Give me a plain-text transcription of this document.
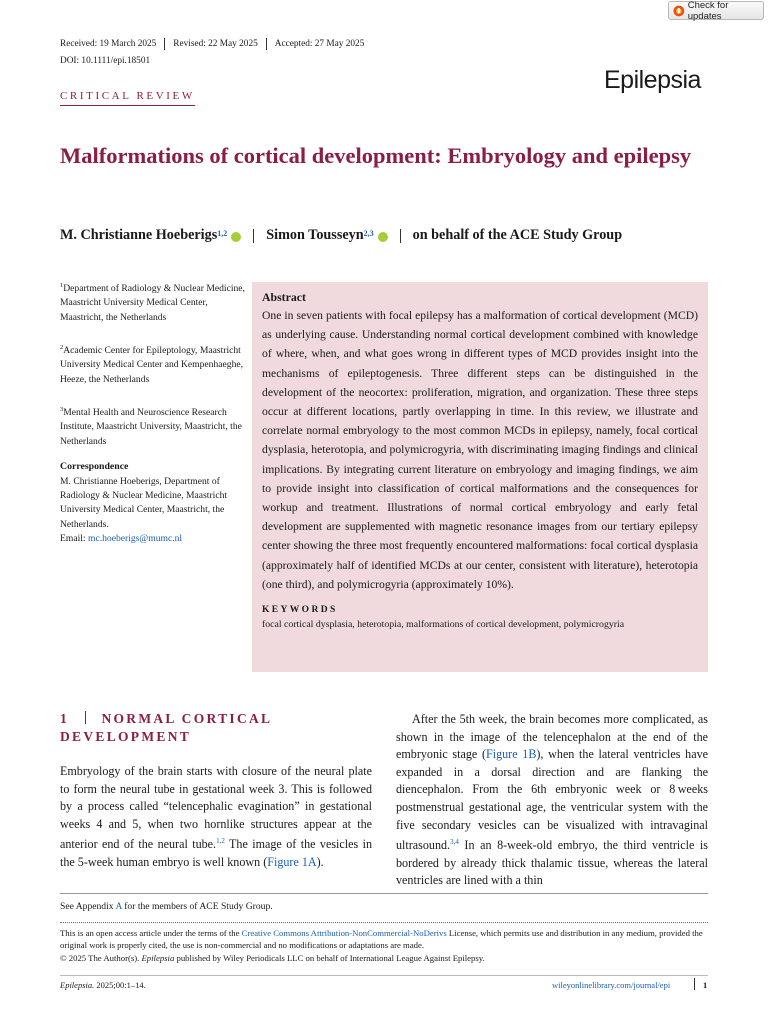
Check for updates
Received: 19 March 2025 Revised: 22 May 2025 Accepted: 27 May 2025
DOI: 10.1111/epi.18501
Epilepsia
CRITICAL REVIEW
Malformations of cortical development: Embryology and epilepsy
M. Christianne Hoeberigs$^{1,2}$	Simon Tousseyn$^{2,3}$	on behalf of the ACE Study Group
$^1$Department of Radiology & Nuclear Medicine, Maastricht University Medical Center, Maastricht, the Netherlands
$^2$Academic Center for Epileptology, Maastricht University Medical Center and Kempenhaeghe, Heeze, the Netherlands
$^3$Mental Health and Neuroscience Research Institute, Maastricht University, Maastricht, the Netherlands
Correspondence
M. Christianne Hoeberigs, Department of Radiology & Nuclear Medicine, Maastricht University Medical Center, Maastricht, the Netherlands.
Email: mc.hoeberigs@mumc.nl
Abstract
One in seven patients with focal epilepsy has a malformation of cortical development (MCD) as underlying cause. Understanding normal cortical development combined with knowledge of where, when, and what goes wrong in different types of MCD provides insight into the mechanisms of epileptogenesis. Three different steps can be distinguished in the development of the neocortex: proliferation, migration, and organization. These three steps occur at different locations, partly overlapping in time. In this review, we illustrate and correlate normal embryology to the most common MCDs in epilepsy, namely, focal cortical dysplasia, heterotopia, and polymicrogyria, with discriminating imaging findings and clinical implications. By integrating current literature on embryology and imaging findings, we aim to provide insight into classification of cortical malformations and the consequences for workup and treatment. Illustrations of normal cortical embryology and early fetal development are supplemented with magnetic resonance images from our tertiary epilepsy center showing the three most frequently encountered malformations: focal cortical dysplasia (approximately half of identified MCDs at our center, consistent with literature), heterotopia (one third), and polymicrogyria (approximately 10%).
KEYWORDS
focal cortical dysplasia, heterotopia, malformations of cortical development, polymicrogyria
1 NORMAL CORTICAL DEVELOPMENT
Embryology of the brain starts with closure of the neural plate to form the neural tube in gestational week 3. This is followed by a process called “telencephalic evagination” in gestational weeks 4 and 5, when two hornlike structures appear at the anterior end of the neural tube.$^{1,2}$ The image of the vesicles in the 5-week human embryo is well known (Figure 1A).
After the 5th week, the brain becomes more complicated, as shown in the image of the telencephalon at the end of the embryonic stage (Figure 1B), when the lateral ventricles have expanded in a dorsal direction and are flanking the diencephalon. From the 6th embryonic week or 8 weeks postmenstrual gestational age, the ventricular system with the five secondary vesicles can be visualized with intravaginal ultrasound.$^{3,4}$ In an 8-week-old embryo, the third ventricle is bordered by already thick thalamic tissue, whereas the lateral ventricles are lined with a thin
See Appendix A for the members of ACE Study Group.
This is an open access article under the terms of the Creative Commons Attribution-NonCommercial-NoDerivs License, which permits use and distribution in any medium, provided the original work is properly cited, the use is non-commercial and no modifications or adaptations are made.
© 2025 The Author(s). Epilepsia published by Wiley Periodicals LLC on behalf of International League Against Epilepsy.
Epilepsia. 2025;00:1–14.	wileyonlinelibrary.com/journal/epi	1
